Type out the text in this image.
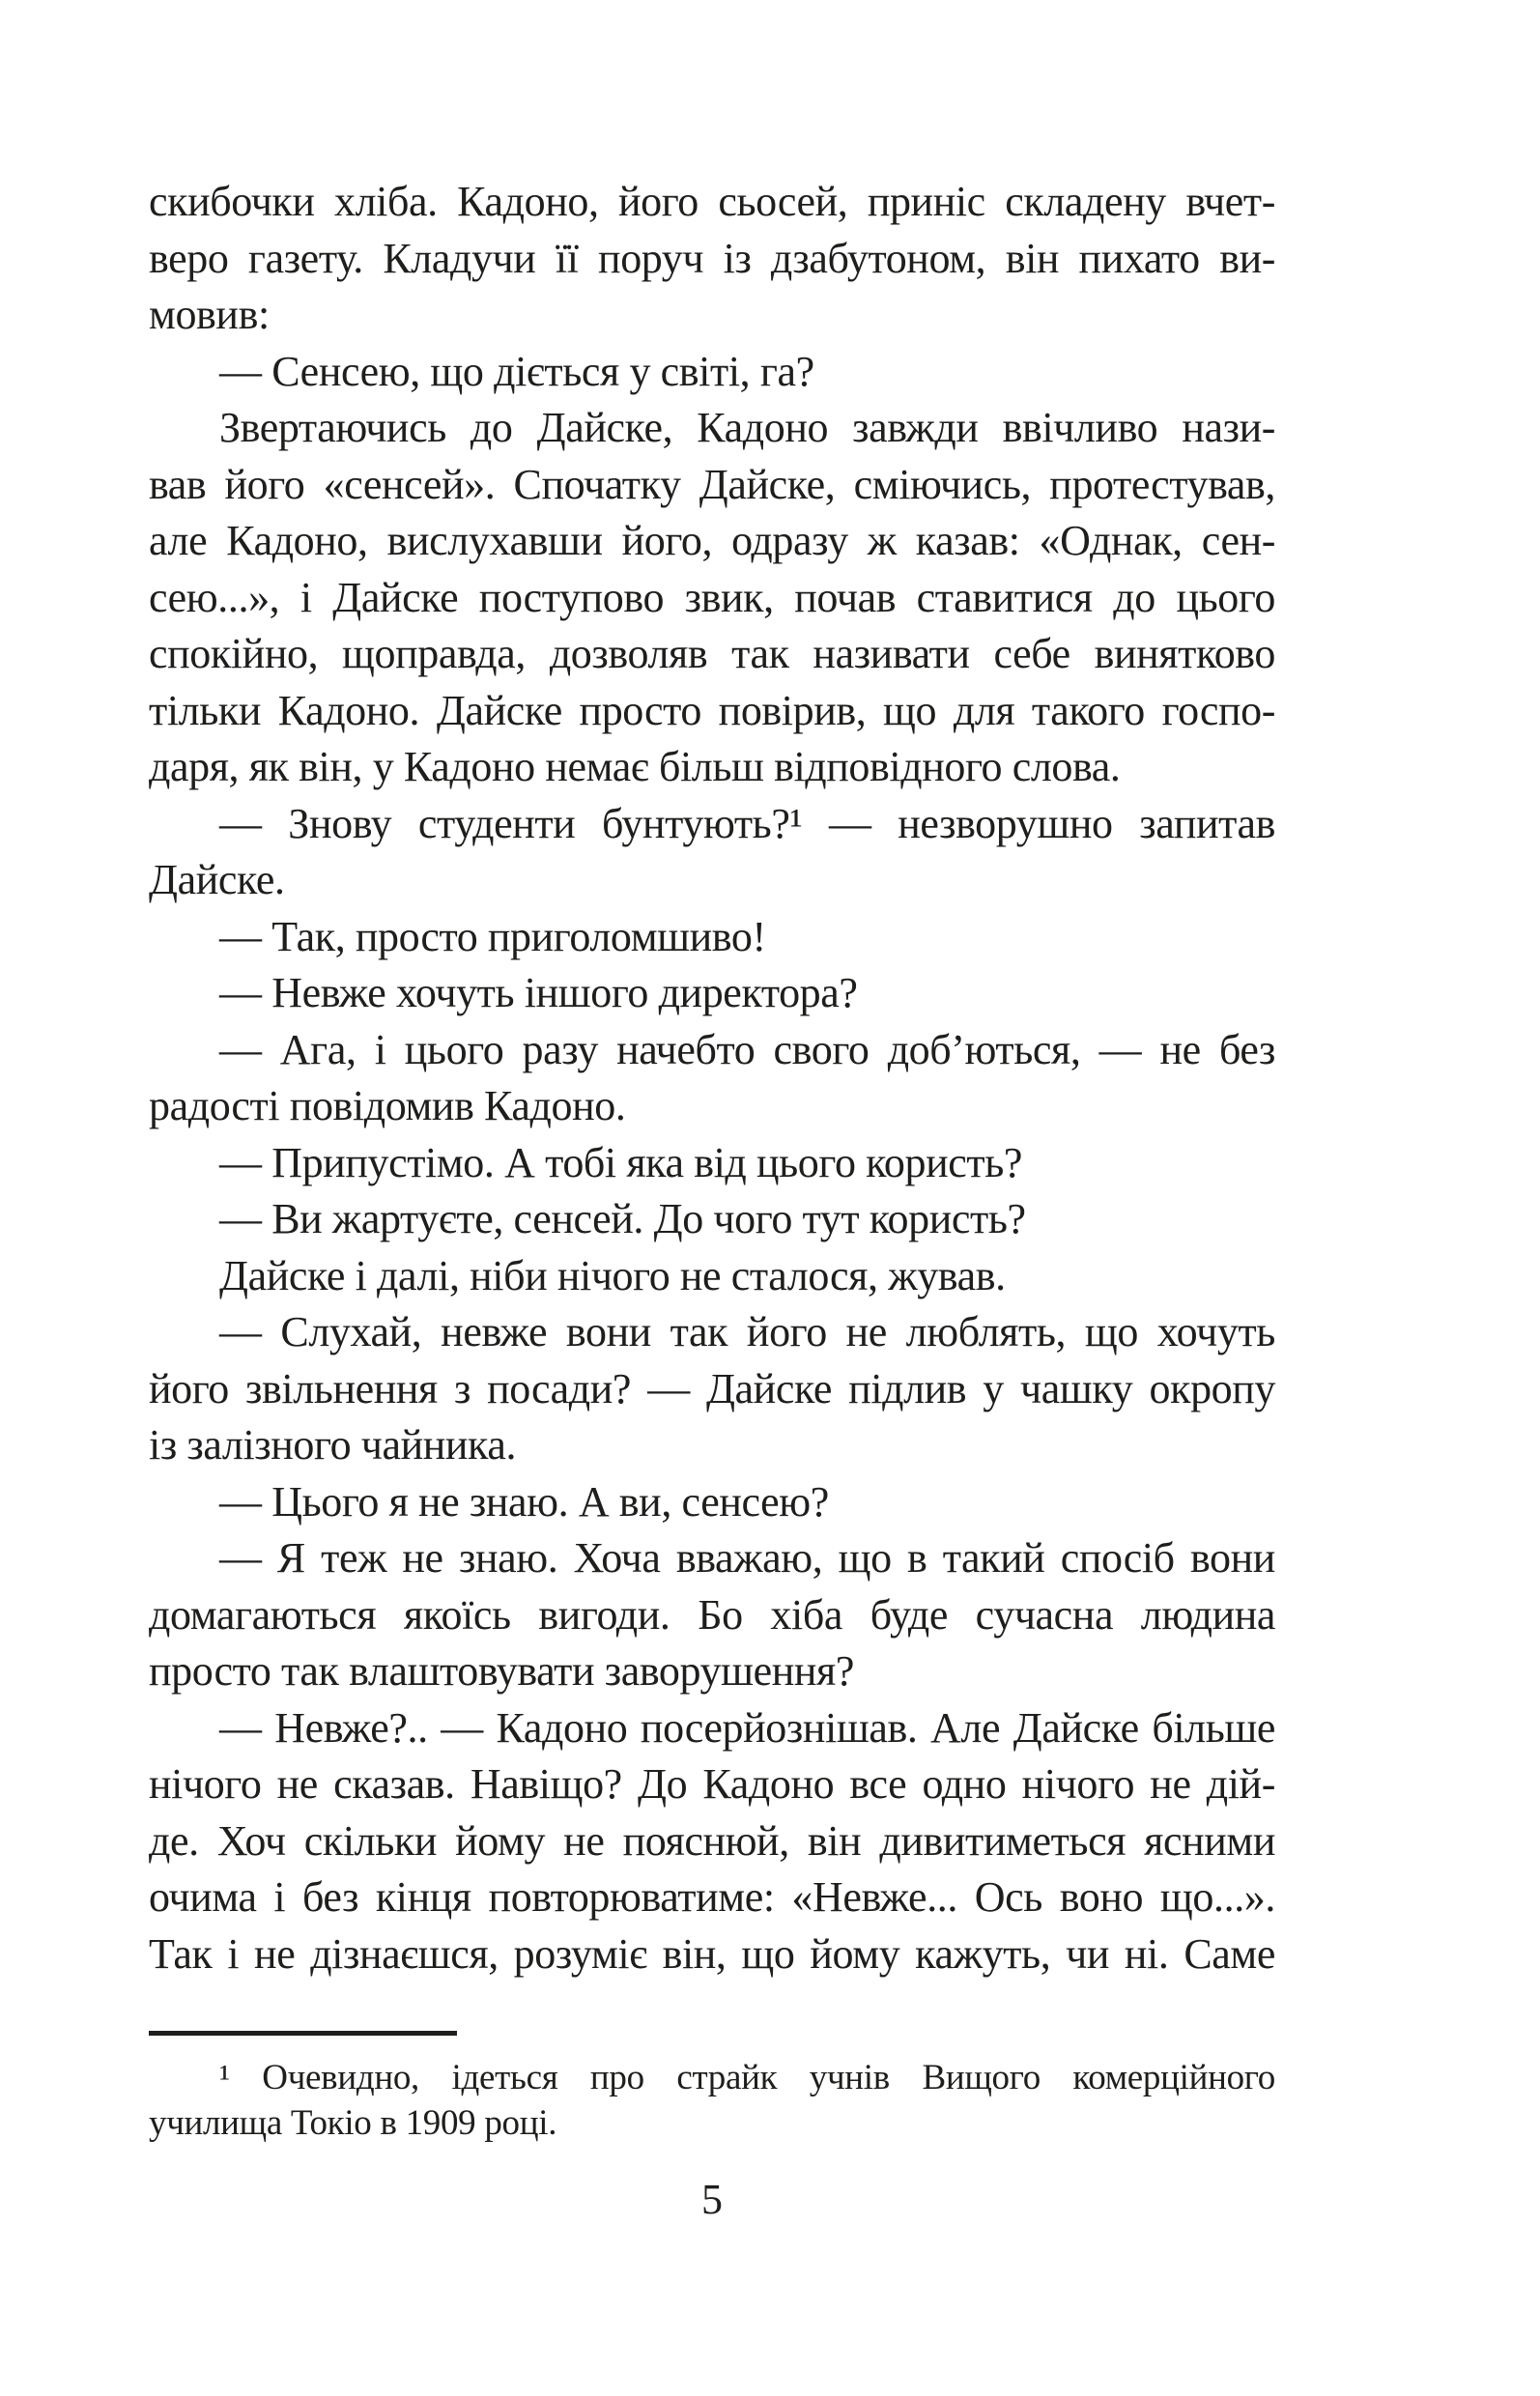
скибочки хліба. Кадоно, його сьосей, приніс складену вчет-
веро газету. Кладучи її поруч із дзабутоном, він пихато ви-
мовив:
— Сенсею, що діється у світі, га?
Звертаючись до Дайске, Кадоно завжди ввічливо нази-
вав його «сенсей». Спочатку Дайске, сміючись, протестував,
але Кадоно, вислухавши його, одразу ж казав: «Однак, сен-
сею...», і Дайске поступово звик, почав ставитися до цього
спокійно, щоправда, дозволяв так називати себе винятково
тільки Кадоно. Дайске просто повірив, що для такого госпо-
даря, як він, у Кадоно немає більш відповідного слова.
— Знову студенти бунтують?¹ — незворушно запитав
Дайске.
— Так, просто приголомшиво!
— Невже хочуть іншого директора?
— Ага, і цього разу начебто свого доб’ються, — не без
радості повідомив Кадоно.
— Припустімо. А тобі яка від цього користь?
— Ви жартуєте, сенсей. До чого тут користь?
Дайске і далі, ніби нічого не сталося, жував.
— Слухай, невже вони так його не люблять, що хочуть
його звільнення з посади? — Дайске підлив у чашку окропу
із залізного чайника.
— Цього я не знаю. А ви, сенсею?
— Я теж не знаю. Хоча вважаю, що в такий спосіб вони
домагаються якоїсь вигоди. Бо хіба буде сучасна людина
просто так влаштовувати заворушення?
— Невже?.. — Кадоно посерйознішав. Але Дайске більше
нічого не сказав. Навіщо? До Кадоно все одно нічого не дій-
де. Хоч скільки йому не пояснюй, він дивитиметься ясними
очима і без кінця повторюватиме: «Невже... Ось воно що...».
Так і не дізнаєшся, розуміє він, що йому кажуть, чи ні. Саме
¹ Очевидно, ідеться про страйк учнів Вищого комерційного
училища Токіо в 1909 році.
5
